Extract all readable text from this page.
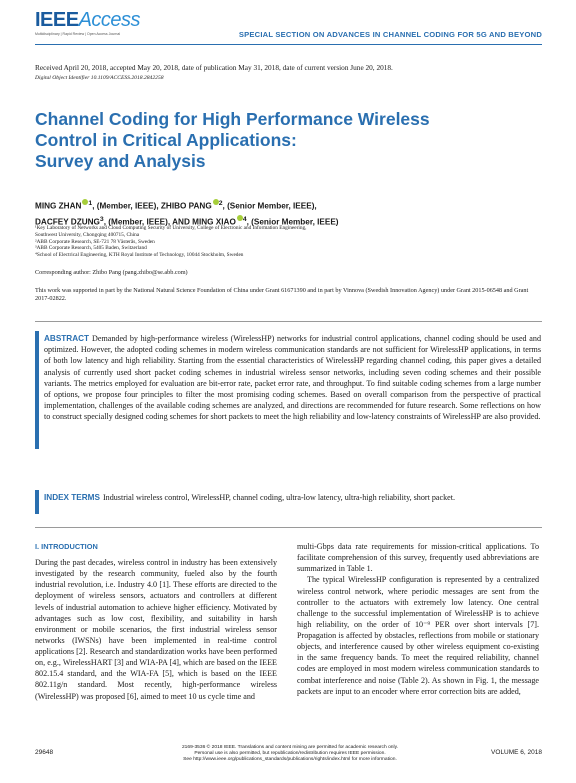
IEEEAccess
Multidisciplinary | Rapid Review | Open Access Journal	SPECIAL SECTION ON ADVANCES IN CHANNEL CODING FOR 5G AND BEYOND
Received April 20, 2018, accepted May 20, 2018, date of publication May 31, 2018, date of current version June 20, 2018.
Digital Object Identifier 10.1109/ACCESS.2018.2842258
Channel Coding for High Performance Wireless
Control in Critical Applications:
Survey and Analysis
MING ZHAN $^1$, (Member, IEEE), ZHIBO PANG $^2$, (Senior Member, IEEE),
DACFEY DZUNG$^3$, (Member, IEEE), AND MING XIAO $^4$, (Senior Member, IEEE)
¹Key Laboratory of Networks and Cloud Computing Security of University, College of Electronic and Information Engineering,
Southwest University, Chongqing 400715, China
²ABB Corporate Research, SE-721 78 Västerås, Sweden
³ABB Corporate Research, 5405 Baden, Switzerland
⁴School of Electrical Engineering, KTH Royal Institute of Technology, 10044 Stockholm, Sweden
Corresponding author: Zhibo Pang (pang.zhibo@se.abb.com)
This work was supported in part by the National Natural Science Foundation of China under Grant 61671390 and in part by Vinnova (Swedish Innovation Agency) under Grant 2015-06548 and Grant 2017-02822.
ABSTRACT Demanded by high-performance wireless (WirelessHP) networks for industrial control applications, channel coding should be used and optimized. However, the adopted coding schemes in modern wireless communication standards are not sufficient for WirelessHP applications, in terms of both low latency and high reliability. Starting from the essential characteristics of WirelessHP regarding channel coding, this paper gives a detailed analysis of currently used short packet coding schemes in industrial wireless sensor networks, including seven coding schemes and their possible variants. The metrics employed for evaluation are bit-error rate, packet error rate, and throughput. To find suitable coding schemes from a large number of options, we propose four principles to filter the most promising coding schemes. Based on overall comparison from the perspective of practical implementation, challenges of the available coding schemes are analyzed, and directions are recommended for future research. Some reflections on how to construct specially designed coding schemes for short packets to meet the high reliability and low-latency constraints of WirelessHP are also provided.
INDEX TERMS Industrial wireless control, WirelessHP, channel coding, ultra-low latency, ultra-high reliability, short packet.
I. INTRODUCTION

During the past decades, wireless control in industry has been extensively investigated by the research community, fueled also by the fourth industrial revolution, i.e. Industry 4.0 [1]. These efforts are directed to the deployment of wireless sensors, actuators and controllers at different levels of industrial automation to achieve higher efficiency. Motivated by advantages such as low cost, flexibility, and suitability in harsh environment or mobile scenarios, the first industrial wireless sensor networks (IWSNs) have been implemented in real-time control applications [2]. Research and standardization works have been performed on, e.g., WirelessHART [3] and WIA-PA [4], which are based on the IEEE 802.15.4 standard, and the WIA-FA [5], which is based on the IEEE 802.11g/n standard. Most recently, high-performance wireless (WirelessHP) was proposed [6], aimed to meet 10 us cycle time and

multi-Gbps data rate requirements for mission-critical applications. To facilitate comprehension of this survey, frequently used abbreviations are summarized in Table 1.

The typical WirelessHP configuration is represented by a centralized wireless control network, where periodic messages are sent from the controller to the actuators with extremely low latency. One central challenge to the successful implementation of WirelessHP is to achieve high reliability, on the order of 10⁻⁹ PER over short intervals [7]. Propagation is affected by obstacles, reflections from mobile or stationary objects, and interference caused by other wireless equipment co-existing in the same frequency bands. To meet the required reliability, channel codes are employed in most modern wireless communication standards to combat interference and noise (Table 2). As shown in Fig. 1, the message packets are input to an encoder where error correction bits are added,

29648
2169-3536 © 2018 IEEE. Translations and content mining are permitted for academic research only.
Personal use is also permitted, but republication/redistribution requires IEEE permission.
See http://www.ieee.org/publications_standards/publications/rights/index.html for more information.
VOLUME 6, 2018
